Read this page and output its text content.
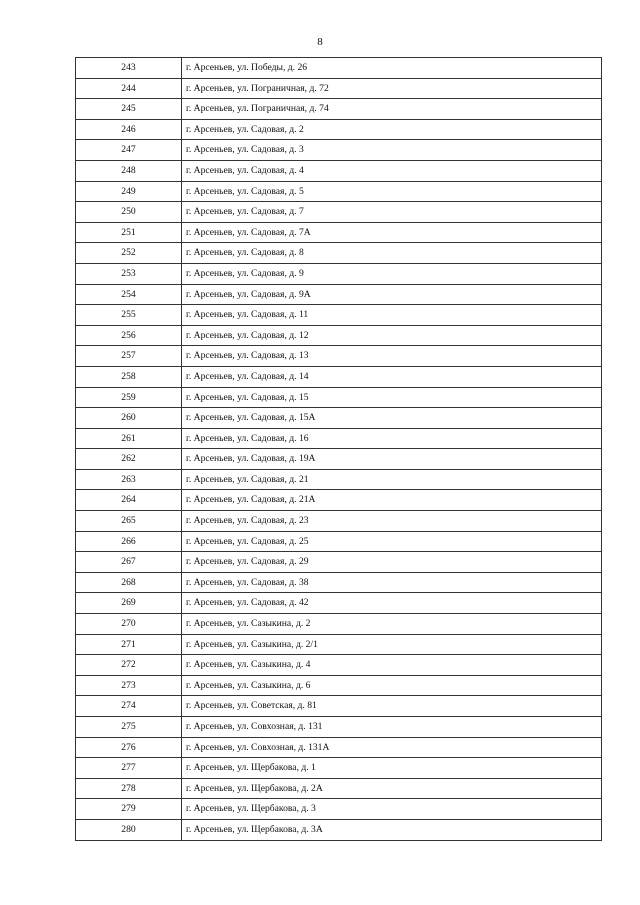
8
243	г. Арсеньев, ул. Победы, д. 26
244	г. Арсеньев, ул. Пограничная, д. 72
245	г. Арсеньев, ул. Пограничная, д. 74
246	г. Арсеньев, ул. Садовая, д. 2
247	г. Арсеньев, ул. Садовая, д. 3
248	г. Арсеньев, ул. Садовая, д. 4
249	г. Арсеньев, ул. Садовая, д. 5
250	г. Арсеньев, ул. Садовая, д. 7
251	г. Арсеньев, ул. Садовая, д. 7А
252	г. Арсеньев, ул. Садовая, д. 8
253	г. Арсеньев, ул. Садовая, д. 9
254	г. Арсеньев, ул. Садовая, д. 9А
255	г. Арсеньев, ул. Садовая, д. 11
256	г. Арсеньев, ул. Садовая, д. 12
257	г. Арсеньев, ул. Садовая, д. 13
258	г. Арсеньев, ул. Садовая, д. 14
259	г. Арсеньев, ул. Садовая, д. 15
260	г. Арсеньев, ул. Садовая, д. 15А
261	г. Арсеньев, ул. Садовая, д. 16
262	г. Арсеньев, ул. Садовая, д. 19А
263	г. Арсеньев, ул. Садовая, д. 21
264	г. Арсеньев, ул. Садовая, д. 21А
265	г. Арсеньев, ул. Садовая, д. 23
266	г. Арсеньев, ул. Садовая, д. 25
267	г. Арсеньев, ул. Садовая, д. 29
268	г. Арсеньев, ул. Садовая, д. 38
269	г. Арсеньев, ул. Садовая, д. 42
270	г. Арсеньев, ул. Сазыкина, д. 2
271	г. Арсеньев, ул. Сазыкина, д. 2/1
272	г. Арсеньев, ул. Сазыкина, д. 4
273	г. Арсеньев, ул. Сазыкина, д. 6
274	г. Арсеньев, ул. Советская, д. 81
275	г. Арсеньев, ул. Совхозная, д. 131
276	г. Арсеньев, ул. Совхозная, д. 131А
277	г. Арсеньев, ул. Щербакова, д. 1
278	г. Арсеньев, ул. Щербакова, д. 2А
279	г. Арсеньев, ул. Щербакова, д. 3
280	г. Арсеньев, ул. Щербакова, д. 3А
